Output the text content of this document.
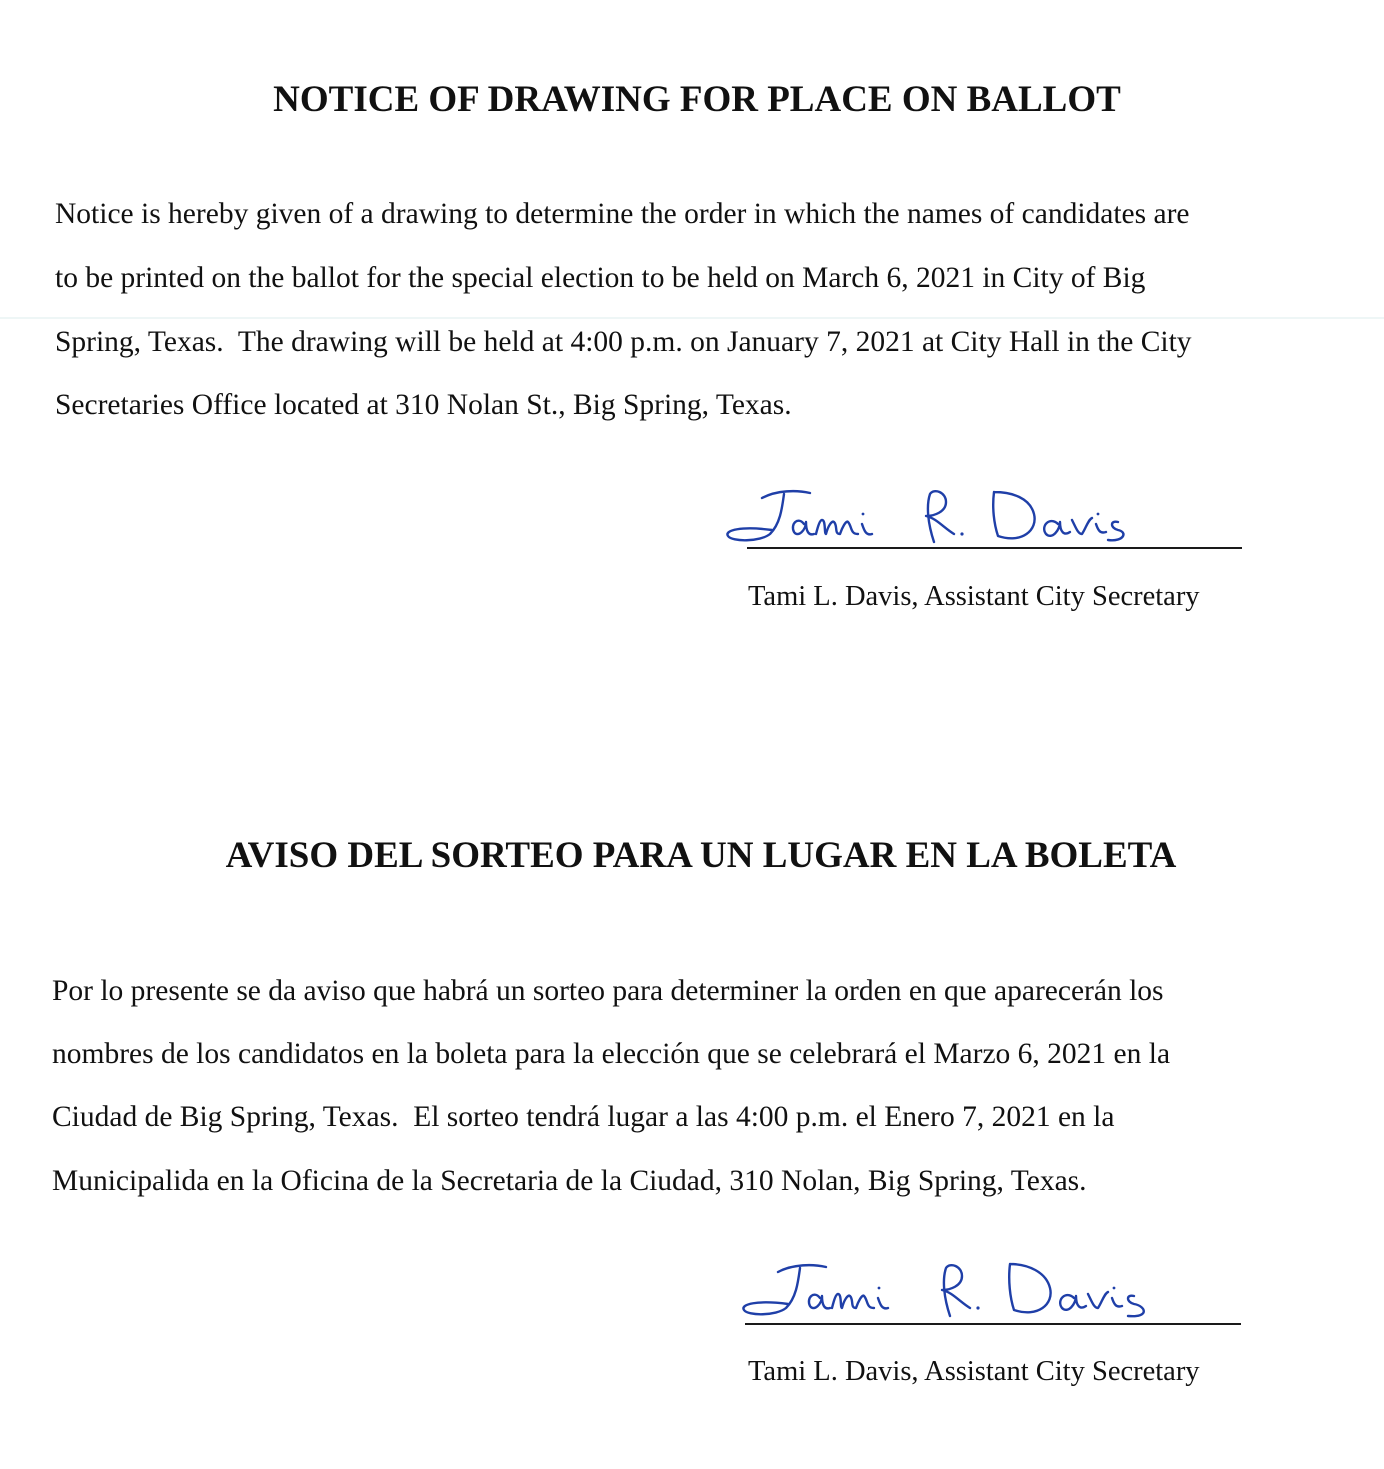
NOTICE OF DRAWING FOR PLACE ON BALLOT

Notice is hereby given of a drawing to determine the order in which the names of candidates are

to be printed on the ballot for the special election to be held on March 6, 2021 in City of Big

Spring, Texas.  The drawing will be held at 4:00 p.m. on January 7, 2021 at City Hall in the City

Secretaries Office located at 310 Nolan St., Big Spring, Texas.

Tami L. Davis, Assistant City Secretary
AVISO DEL SORTEO PARA UN LUGAR EN LA BOLETA

Por lo presente se da aviso que habrá un sorteo para determiner la orden en que aparecerán los

nombres de los candidatos en la boleta para la elección que se celebrará el Marzo 6, 2021 en la

Ciudad de Big Spring, Texas.  El sorteo tendrá lugar a las 4:00 p.m. el Enero 7, 2021 en la

Municipalida en la Oficina de la Secretaria de la Ciudad, 310 Nolan, Big Spring, Texas.

Tami L. Davis, Assistant City Secretary
